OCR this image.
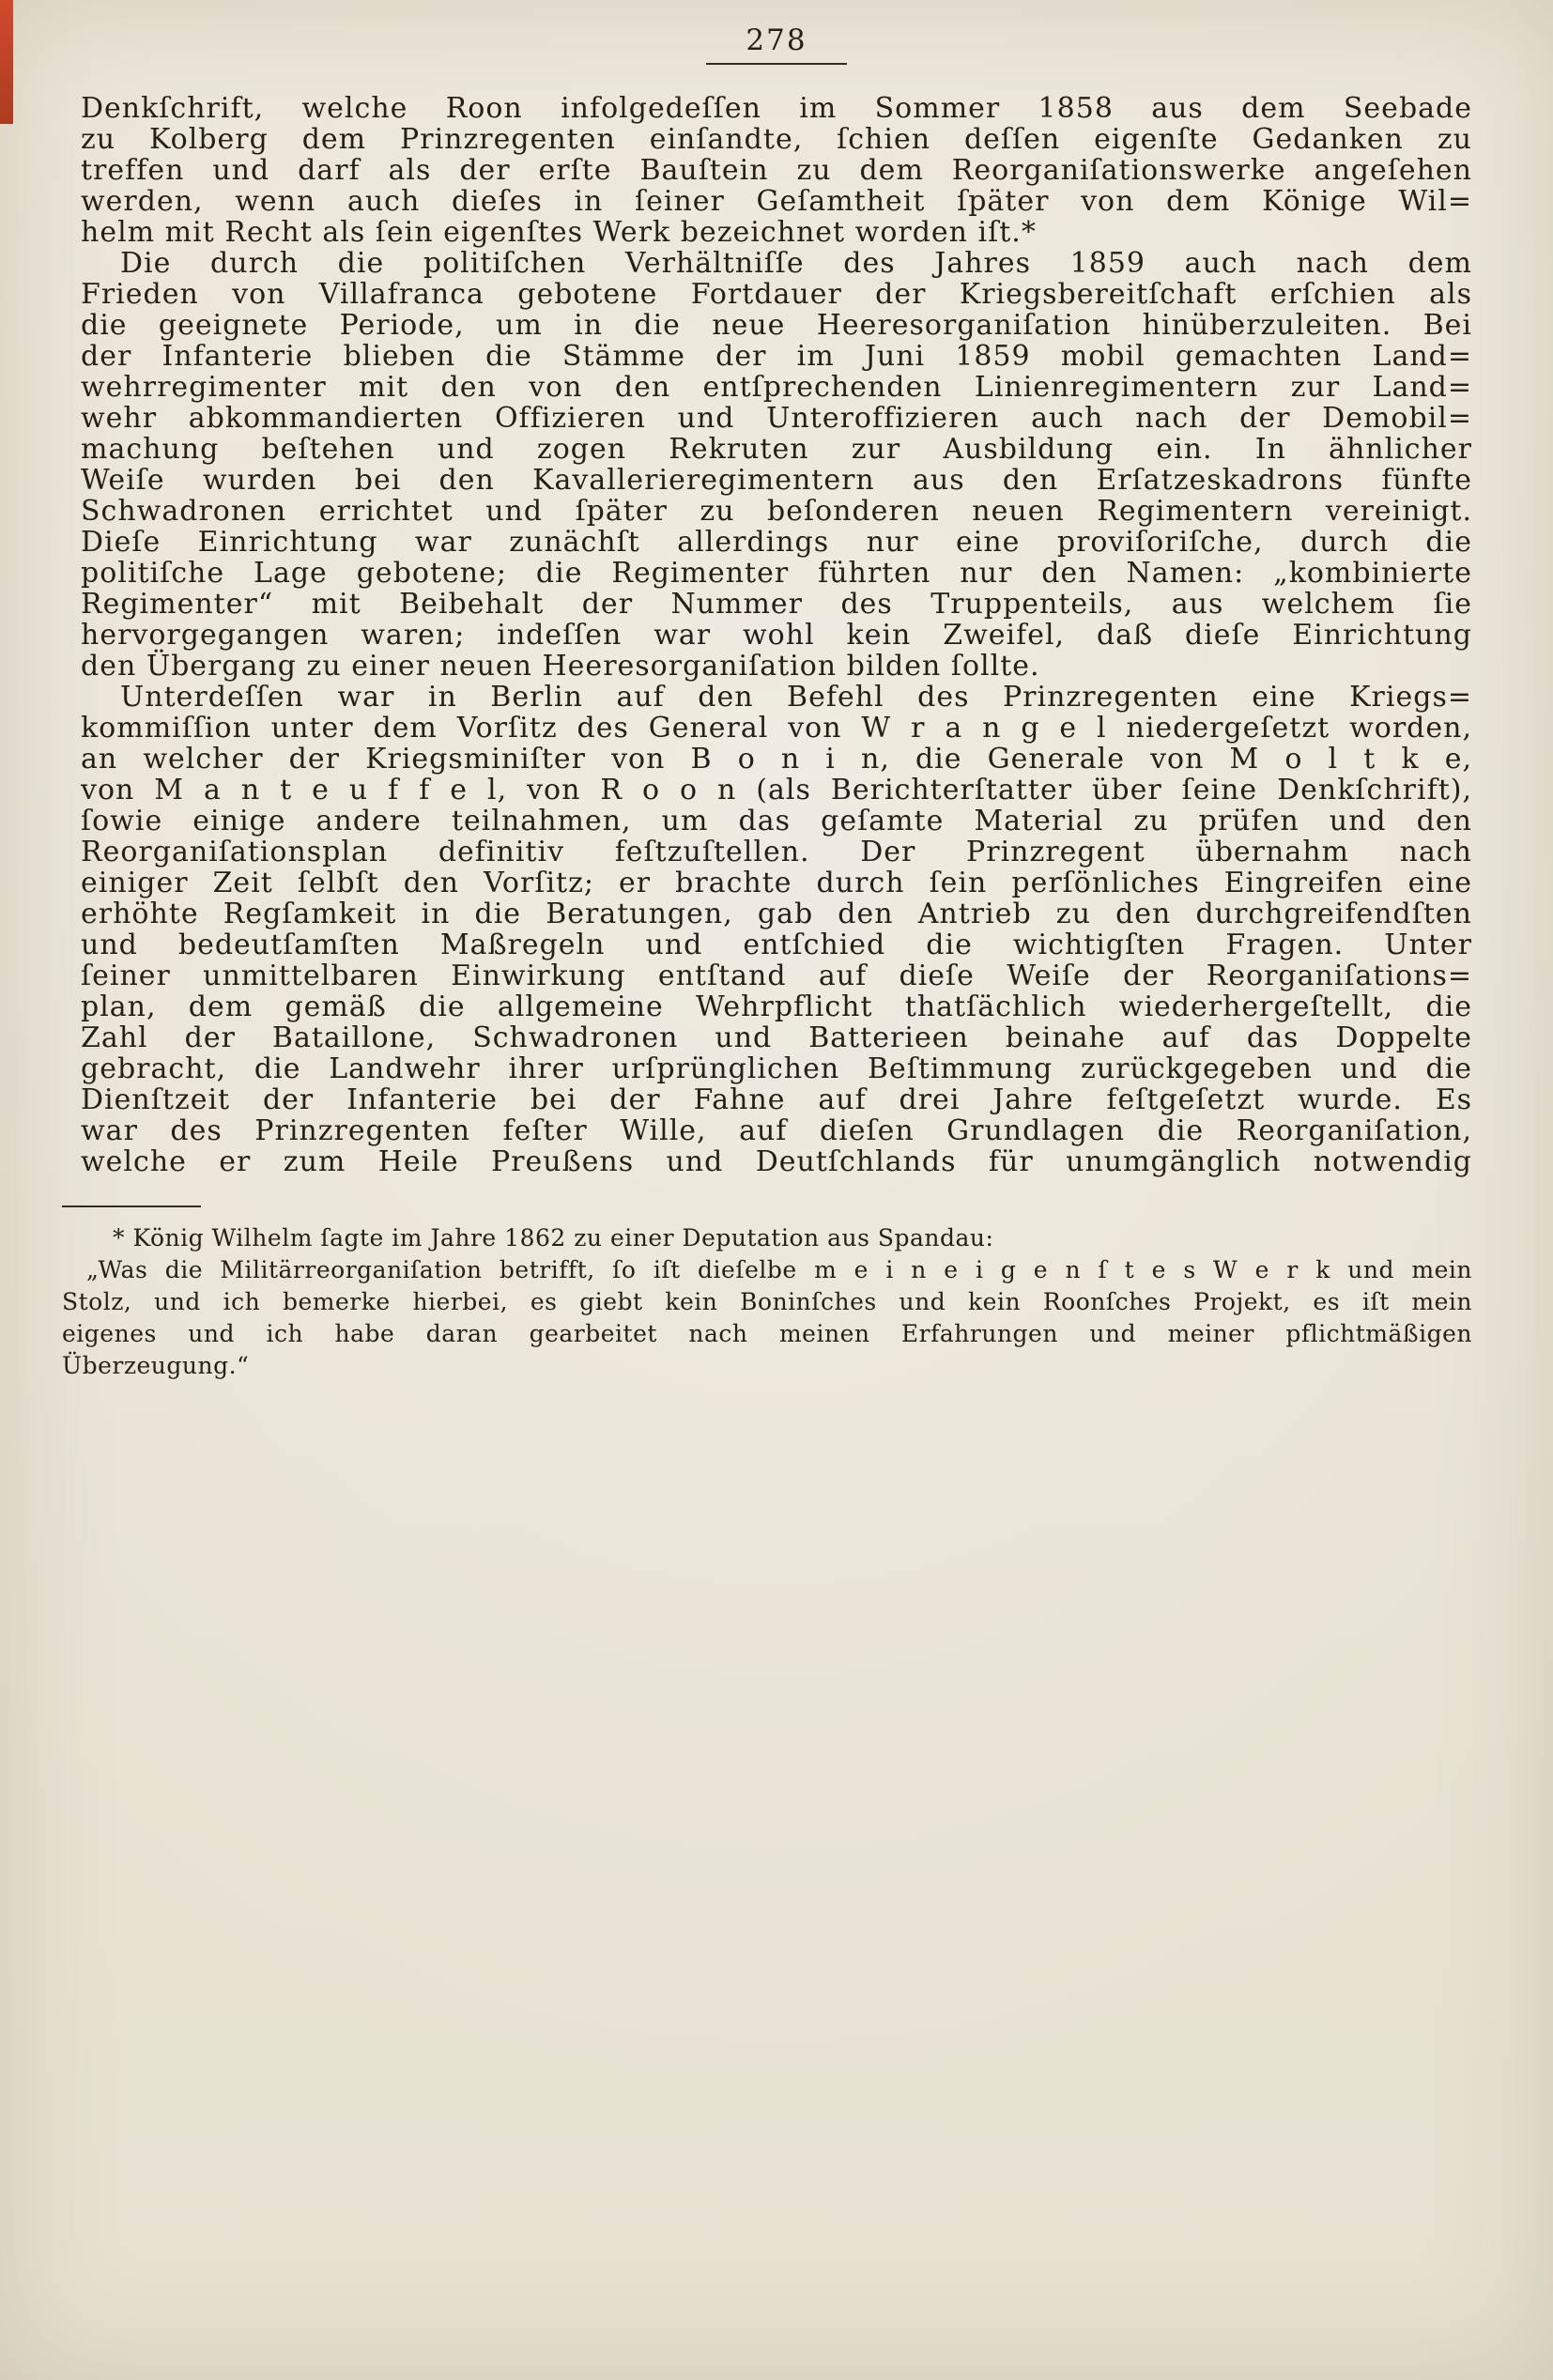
278
Denkſchrift, welche Roon infolgedeſſen im Sommer 1858 aus dem Seebade
zu Kolberg dem Prinzregenten einſandte, ſchien deſſen eigenſte Gedanken zu
treffen und darf als der erſte Bauſtein zu dem Reorganiſationswerke angeſehen
werden, wenn auch dieſes in ſeiner Geſamtheit ſpäter von dem Könige Wil=
helm mit Recht als ſein eigenſtes Werk bezeichnet worden iſt.*
Die durch die politiſchen Verhältniſſe des Jahres 1859 auch nach dem
Frieden von Villafranca gebotene Fortdauer der Kriegsbereitſchaft erſchien als
die geeignete Periode, um in die neue Heeresorganiſation hinüberzuleiten. Bei
der Infanterie blieben die Stämme der im Juni 1859 mobil gemachten Land=
wehrregimenter mit den von den entſprechenden Linienregimentern zur Land=
wehr abkommandierten Offizieren und Unteroffizieren auch nach der Demobil=
machung beſtehen und zogen Rekruten zur Ausbildung ein. In ähnlicher
Weiſe wurden bei den Kavallerieregimentern aus den Erſatzeskadrons fünfte
Schwadronen errichtet und ſpäter zu beſonderen neuen Regimentern vereinigt.
Dieſe Einrichtung war zunächſt allerdings nur eine proviſoriſche, durch die
politiſche Lage gebotene; die Regimenter führten nur den Namen: „kombinierte
Regimenter“ mit Beibehalt der Nummer des Truppenteils, aus welchem ſie
hervorgegangen waren; indeſſen war wohl kein Zweifel, daß dieſe Einrichtung
den Übergang zu einer neuen Heeresorganiſation bilden ſollte.
Unterdeſſen war in Berlin auf den Befehl des Prinzregenten eine Kriegs=
kommiſſion unter dem Vorſitz des General von W r a n g e l niedergeſetzt worden,
an welcher der Kriegsminiſter von B o n i n, die Generale von M o l t k e,
von M a n t e u f f e l, von R o o n (als Berichterſtatter über ſeine Denkſchrift),
ſowie einige andere teilnahmen, um das geſamte Material zu prüfen und den
Reorganiſationsplan definitiv feſtzuſtellen. Der Prinzregent übernahm nach
einiger Zeit ſelbſt den Vorſitz; er brachte durch ſein perſönliches Eingreifen eine
erhöhte Regſamkeit in die Beratungen, gab den Antrieb zu den durchgreifendſten
und bedeutſamſten Maßregeln und entſchied die wichtigſten Fragen. Unter
ſeiner unmittelbaren Einwirkung entſtand auf dieſe Weiſe der Reorganiſations=
plan, dem gemäß die allgemeine Wehrpflicht thatſächlich wiederhergeſtellt, die
Zahl der Bataillone, Schwadronen und Batterieen beinahe auf das Doppelte
gebracht, die Landwehr ihrer urſprünglichen Beſtimmung zurückgegeben und die
Dienſtzeit der Infanterie bei der Fahne auf drei Jahre feſtgeſetzt wurde. Es
war des Prinzregenten feſter Wille, auf dieſen Grundlagen die Reorganiſation,
welche er zum Heile Preußens und Deutſchlands für unumgänglich notwendig
* König Wilhelm ſagte im Jahre 1862 zu einer Deputation aus Spandau:
„Was die Militärreorganiſation betrifft, ſo iſt dieſelbe m e i n e i g e n ſ t e s W e r k und mein
Stolz, und ich bemerke hierbei, es giebt kein Boninſches und kein Roonſches Projekt, es iſt mein
eigenes und ich habe daran gearbeitet nach meinen Erfahrungen und meiner pflichtmäßigen
Überzeugung.“
